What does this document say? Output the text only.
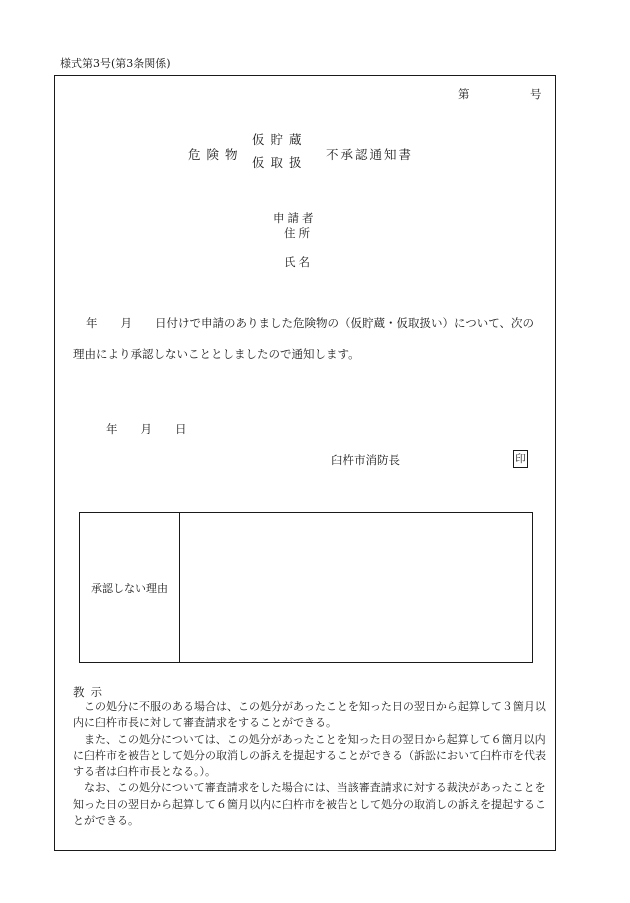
様式第3号(第3条関係)
第	号
危険物
仮貯蔵
仮取扱
不承認通知書
申請者
住所
氏名
年　　月　　日付けで申請のありました危険物の（仮貯蔵・仮取扱い）について、次の
理由により承認しないこととしましたので通知します。
年　　月　　日
臼杵市消防長	印
承認しない理由
教示

この処分に不服のある場合は、この処分があったことを知った日の翌日から起算して３箇月以内に臼杵市長に対して審査請求をすることができる。

また、この処分については、この処分があったことを知った日の翌日から起算して６箇月以内に臼杵市を被告として処分の取消しの訴えを提起することができる（訴訟において臼杵市を代表する者は臼杵市長となる。）。

なお、この処分について審査請求をした場合には、当該審査請求に対する裁決があったことを知った日の翌日から起算して６箇月以内に臼杵市を被告として処分の取消しの訴えを提起することができる。
